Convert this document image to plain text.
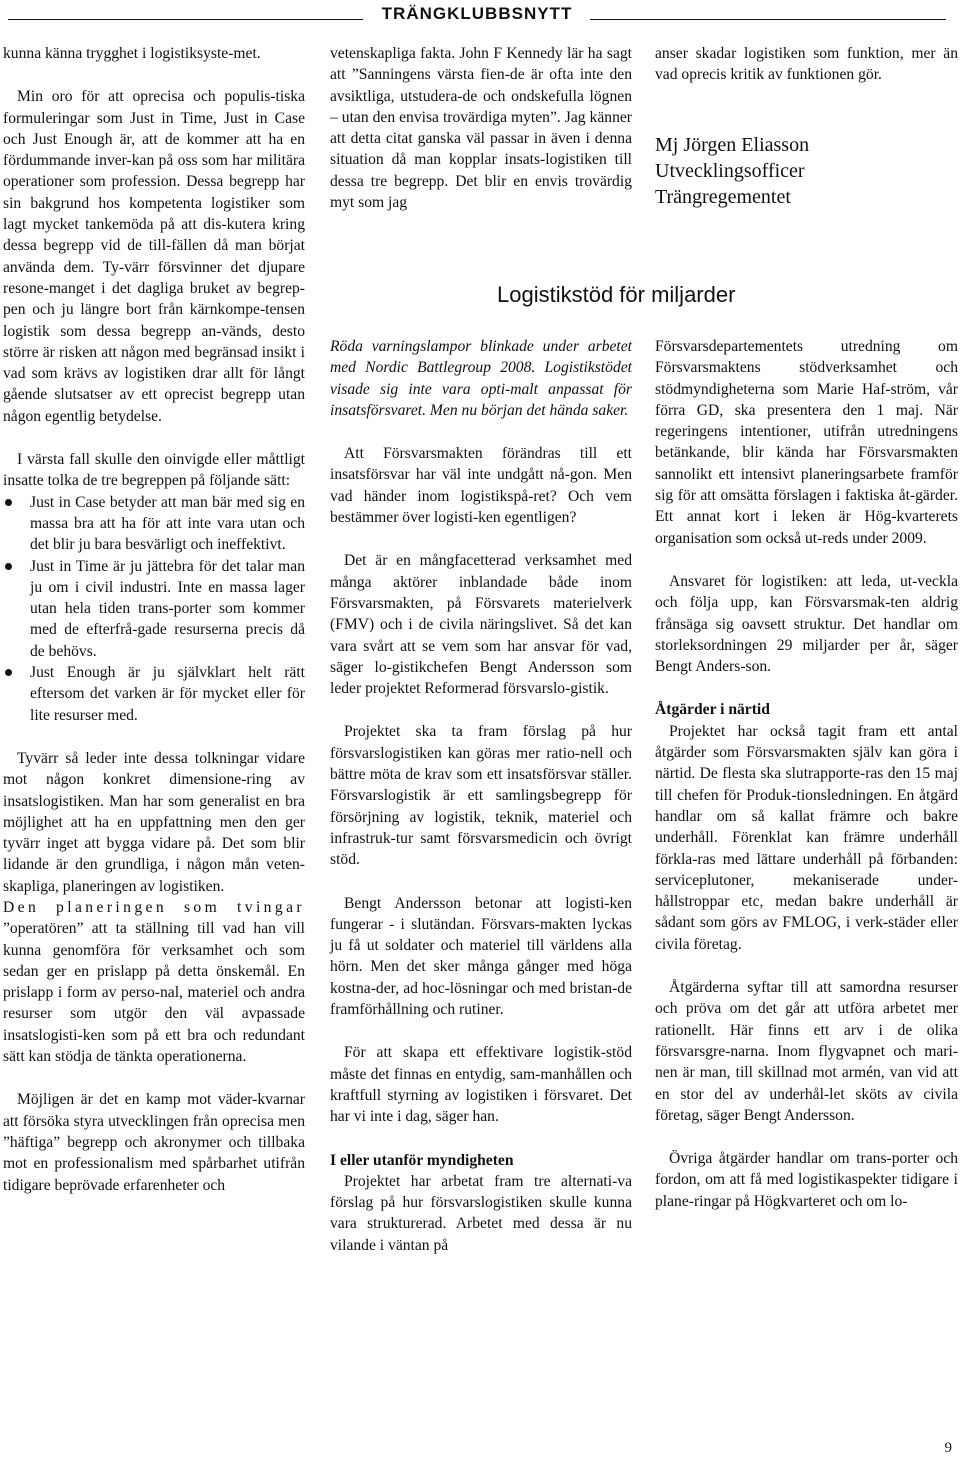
TRÄNGKLUBBSNYTT

kunna känna trygghet i logistiksyste-met.

Min oro för att oprecisa och populis-tiska formuleringar som Just in Time, Just in Case och Just Enough är, att de kommer att ha en fördummande inver-kan på oss som har militära operationer som profession. Dessa begrepp har sin bakgrund hos kompetenta logistiker som lagt mycket tankemöda på att dis-kutera kring dessa begrepp vid de till-fällen då man börjat använda dem. Ty-värr försvinner det djupare resone-manget i det dagliga bruket av begrep-pen och ju längre bort från kärnkompe-tensen logistik som dessa begrepp an-vänds, desto större är risken att någon med begränsad insikt i vad som krävs av logistiken drar allt för långt gående slutsatser av ett oprecist begrepp utan någon egentlig betydelse.

I värsta fall skulle den oinvigde eller måttligt insatte tolka de tre begreppen på följande sätt:

Just in Case betyder att man bär med sig en massa bra att ha för att inte vara utan och det blir ju bara besvärligt och ineffektivt.
Just in Time är ju jättebra för det talar man ju om i civil industri. Inte en massa lager utan hela tiden trans-porter som kommer med de efterfrå-gade resurserna precis då de behövs.
Just Enough är ju självklart helt rätt eftersom det varken är för mycket eller för lite resurser med.

Tyvärr så leder inte dessa tolkningar vidare mot någon konkret dimensione-ring av insatslogistiken. Man har som generalist en bra möjlighet att ha en uppfattning men den ger tyvärr inget att bygga vidare på. Det som blir lidande är den grundliga, i någon mån veten-skapliga, planeringen av logistiken.

Den planeringen som tvingar ”operatören” att ta ställning till vad han vill kunna genomföra för verksamhet och som sedan ger en prislapp på detta önskemål. En prislapp i form av perso-nal, materiel och andra resurser som utgör den väl avpassade insatslogisti-ken som på ett bra och redundant sätt kan stödja de tänkta operationerna.

Möjligen är det en kamp mot väder-kvarnar att försöka styra utvecklingen från oprecisa men ”häftiga” begrepp och akronymer och tillbaka mot en professionalism med spårbarhet utifrån tidigare beprövade erfarenheter och

vetenskapliga fakta. John F Kennedy lär ha sagt att ”Sanningens värsta fien-de är ofta inte den avsiktliga, utstudera-de och ondskefulla lögnen – utan den envisa trovärdiga myten”. Jag känner att detta citat ganska väl passar in även i denna situation då man kopplar insats-logistiken till dessa tre begrepp. Det blir en envis trovärdig myt som jag

anser skadar logistiken som funktion, mer än vad oprecis kritik av funktionen gör.

Mj Jörgen Eliasson
Utvecklingsofficer
Trängregementet
Logistikstöd för miljarder

Röda varningslampor blinkade under arbetet med Nordic Battlegroup 2008. Logistikstödet visade sig inte vara opti-malt anpassat för insatsförsvaret. Men nu början det hända saker.

Att Försvarsmakten förändras till ett insatsförsvar har väl inte undgått nå-gon. Men vad händer inom logistikspå-ret? Och vem bestämmer över logisti-ken egentligen?

Det är en mångfacetterad verksamhet med många aktörer inblandade både inom Försvarsmakten, på Försvarets materielverk (FMV) och i de civila näringslivet. Så det kan vara svårt att se vem som har ansvar för vad, säger lo-gistikchefen Bengt Andersson som leder projektet Reformerad försvarslo-gistik.

Projektet ska ta fram förslag på hur försvarslogistiken kan göras mer ratio-nell och bättre möta de krav som ett insatsförsvar ställer. Försvarslogistik är ett samlingsbegrepp för försörjning av logistik, teknik, materiel och infrastruk-tur samt försvarsmedicin och övrigt stöd.

Bengt Andersson betonar att logisti-ken fungerar - i slutändan. Försvars-makten lyckas ju få ut soldater och materiel till världens alla hörn. Men det sker många gånger med höga kostna-der, ad hoc-lösningar och med bristan-de framförhållning och rutiner.

För att skapa ett effektivare logistik-stöd måste det finnas en entydig, sam-manhållen och kraftfull styrning av logistiken i försvaret. Det har vi inte i dag, säger han.

I eller utanför myndigheten

Projektet har arbetat fram tre alternati-va förslag på hur försvarslogistiken skulle kunna vara strukturerad. Arbetet med dessa är nu vilande i väntan på

Försvarsdepartementets utredning om Försvarsmaktens stödverksamhet och stödmyndigheterna som Marie Haf-ström, vår förra GD, ska presentera den 1 maj. När regeringens intentioner, utifrån utredningens betänkande, blir kända har Försvarsmakten sannolikt ett intensivt planeringsarbete framför sig för att omsätta förslagen i faktiska åt-gärder. Ett annat kort i leken är Hög-kvarterets organisation som också ut-reds under 2009.

Ansvaret för logistiken: att leda, ut-veckla och följa upp, kan Försvarsmak-ten aldrig frånsäga sig oavsett struktur. Det handlar om storleksordningen 29 miljarder per år, säger Bengt Anders-son.

Åtgärder i närtid

Projektet har också tagit fram ett antal åtgärder som Försvarsmakten själv kan göra i närtid. De flesta ska slutrapporte-ras den 15 maj till chefen för Produk-tionsledningen. En åtgärd handlar om så kallat främre och bakre underhåll. Förenklat kan främre underhåll förkla-ras med lättare underhåll på förbanden: serviceplutoner, mekaniserade under-hållstroppar etc, medan bakre underhåll är sådant som görs av FMLOG, i verk-städer eller civila företag.

Åtgärderna syftar till att samordna resurser och pröva om det går att utföra arbetet mer rationellt. Här finns ett arv i de olika försvarsgre-narna. Inom flygvapnet och mari-nen är man, till skillnad mot armén, van vid att en stor del av underhål-let sköts av civila företag, säger Bengt Andersson.

Övriga åtgärder handlar om trans-porter och fordon, om att få med logistikaspekter tidigare i plane-ringar på Högkvarteret och om lo-

9
